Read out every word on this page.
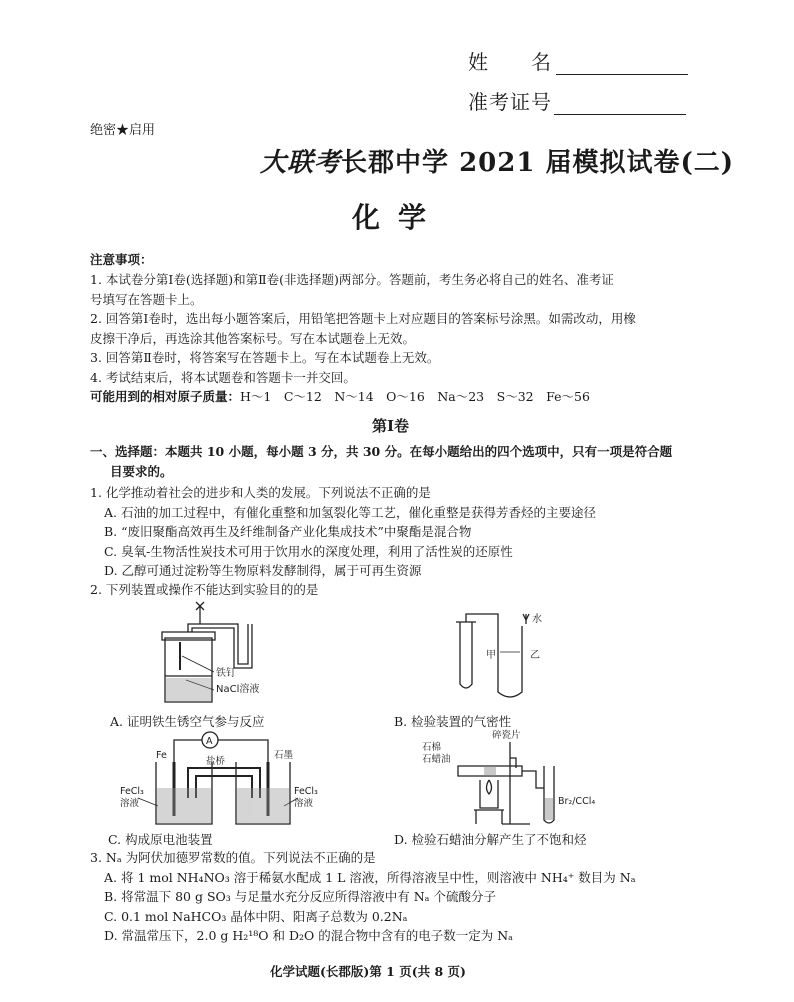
姓　　名
准考证号
绝密★启用
大联考长郡中学 2021 届模拟试卷(二)
化学
注意事项：
1. 本试卷分第Ⅰ卷(选择题)和第Ⅱ卷(非选择题)两部分。答题前，考生务必将自己的姓名、准考证
号填写在答题卡上。
2. 回答第Ⅰ卷时，选出每小题答案后，用铅笔把答题卡上对应题目的答案标号涂黑。如需改动，用橡
皮擦干净后，再选涂其他答案标号。写在本试题卷上无效。
3. 回答第Ⅱ卷时，将答案写在答题卡上。写在本试题卷上无效。
4. 考试结束后，将本试题卷和答题卡一并交回。
可能用到的相对原子质量：H～1　C～12　N～14　O～16　Na～23　S～32　Fe～56
第Ⅰ卷
一、选择题：本题共 10 小题，每小题 3 分，共 30 分。在每小题给出的四个选项中，只有一项是符合题
目要求的。
1. 化学推动着社会的进步和人类的发展。下列说法不正确的是
A. 石油的加工过程中，有催化重整和加氢裂化等工艺，催化重整是获得芳香烃的主要途径
B. “废旧聚酯高效再生及纤维制备产业化集成技术”中聚酯是混合物
C. 臭氧-生物活性炭技术可用于饮用水的深度处理，利用了活性炭的还原性
D. 乙醇可通过淀粉等生物原料发酵制得，属于可再生资源
2. 下列装置或操作不能达到实验目的的是
铁钉
NaCl溶液
水
甲	乙
A. 证明铁生锈空气参与反应	B. 检验装置的气密性
A
盐桥
Fe	石墨
FeCl₃
溶液
FeCl₃
溶液
碎瓷片
石棉
石蜡油
Br₂/CCl₄
C. 构成原电池装置	D. 检验石蜡油分解产生了不饱和烃
3. Nₐ 为阿伏加德罗常数的值。下列说法不正确的是
A. 将 1 mol NH₄NO₃ 溶于稀氨水配成 1 L 溶液，所得溶液呈中性，则溶液中 NH₄⁺ 数目为 Nₐ
B. 将常温下 80 g SO₃ 与足量水充分反应所得溶液中有 Nₐ 个硫酸分子
C. 0.1 mol NaHCO₃ 晶体中阴、阳离子总数为 0.2Nₐ
D. 常温常压下，2.0 g H₂¹⁸O 和 D₂O 的混合物中含有的电子数一定为 Nₐ
化学试题(长郡版)第 1 页(共 8 页)
